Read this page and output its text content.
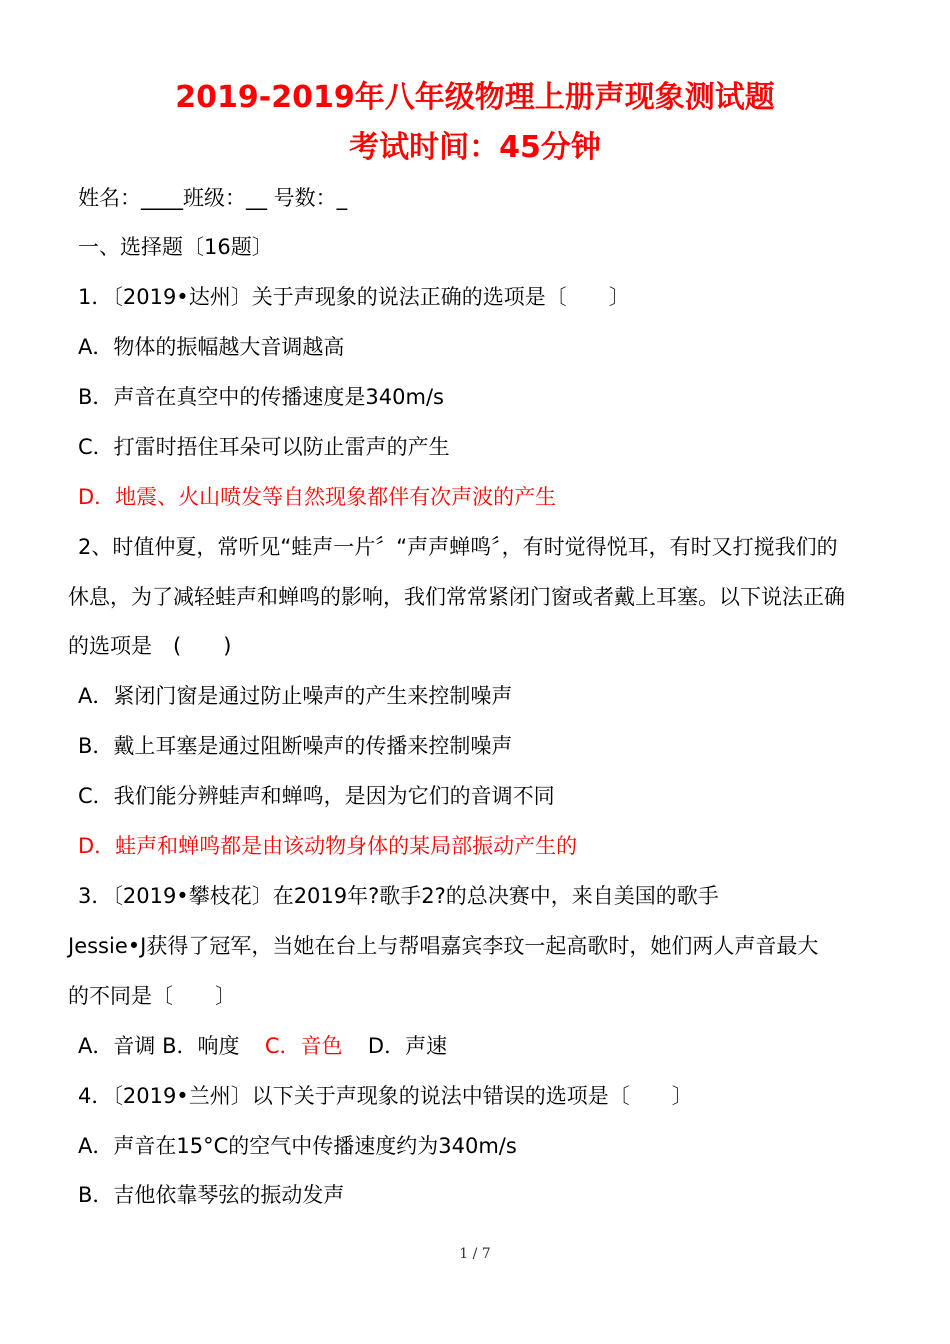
2019-2019年八年级物理上册声现象测试题
考试时间：45分钟
姓名：____班级：__ 号数：_
一、选择题〔16题〕
1．〔2019•达州〕关于声现象的说法正确的选项是〔　　〕
A．物体的振幅越大音调越高
B．声音在真空中的传播速度是340m/s
C．打雷时捂住耳朵可以防止雷声的产生
D．地震、火山喷发等自然现象都伴有次声波的产生
2、时值仲夏，常听见“蛙声一片〞“声声蝉鸣〞，有时觉得悦耳，有时又打搅我们的
休息，为了减轻蛙声和蝉鸣的影响，我们常常紧闭门窗或者戴上耳塞。以下说法正确
的选项是　(　　)
A．紧闭门窗是通过防止噪声的产生来控制噪声
B．戴上耳塞是通过阻断噪声的传播来控制噪声
C．我们能分辨蛙声和蝉鸣，是因为它们的音调不同
D．蛙声和蝉鸣都是由该动物身体的某局部振动产生的
3．〔2019•攀枝花〕在2019年?歌手2?的总决赛中，来自美国的歌手
Jessie•J获得了冠军，当她在台上与帮唱嘉宾李玟一起高歌时，她们两人声音最大
的不同是〔　　〕
A．音调 B．响度 C．音色 D．声速
4．〔2019•兰州〕以下关于声现象的说法中错误的选项是〔　　〕
A．声音在15°C的空气中传播速度约为340m/s
B．吉他依靠琴弦的振动发声
1 / 7
